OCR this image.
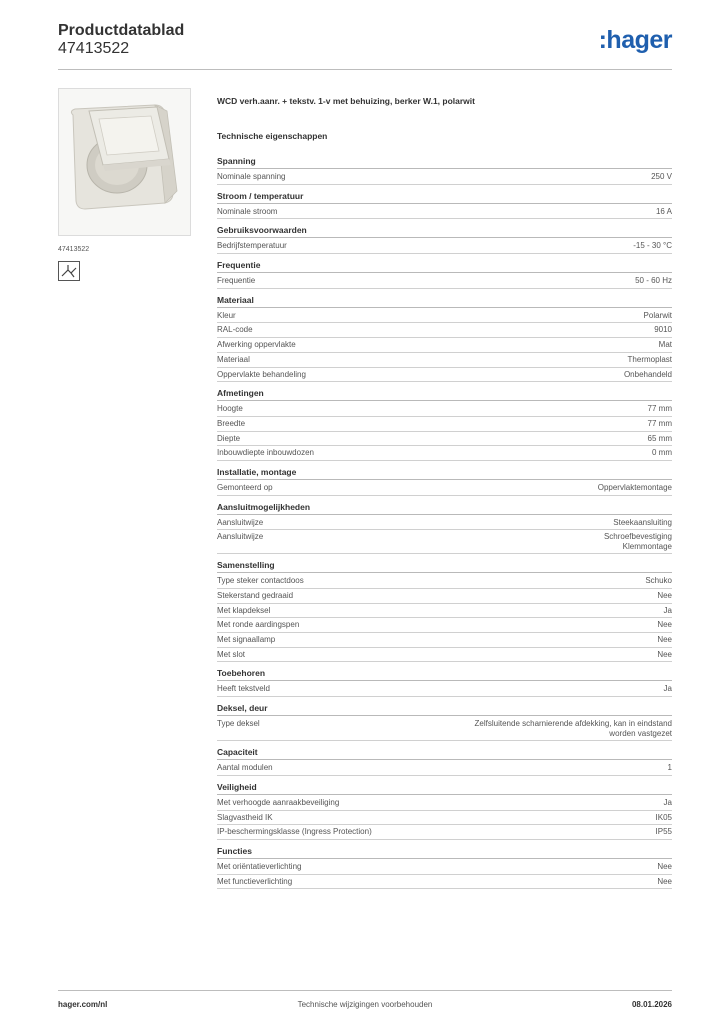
Productdatablad
47413522	:hager
47413522
WCD verh.aanr. + tekstv. 1-v met behuizing, berker W.1, polarwit
Technische eigenschappen
Spanning
Nominale spanning	250 V
Stroom / temperatuur
Nominale stroom	16 A
Gebruiksvoorwaarden
Bedrijfstemperatuur	-15 - 30 °C
Frequentie
Frequentie	50 - 60 Hz
Materiaal
Kleur	Polarwit
RAL-code	9010
Afwerking oppervlakte	Mat
Materiaal	Thermoplast
Oppervlakte behandeling	Onbehandeld
Afmetingen
Hoogte	77 mm
Breedte	77 mm
Diepte	65 mm
Inbouwdiepte inbouwdozen	0 mm
Installatie, montage
Gemonteerd op	Oppervlaktemontage
Aansluitmogelijkheden
Aansluitwijze	Steekaansluiting
Aansluitwijze	Schroefbevestiging
Klemmontage
Samenstelling
Type steker contactdoos	Schuko
Stekerstand gedraaid	Nee
Met klapdeksel	Ja
Met ronde aardingspen	Nee
Met signaallamp	Nee
Met slot	Nee
Toebehoren
Heeft tekstveld	Ja
Deksel, deur
Type deksel	Zelfsluitende scharnierende afdekking, kan in eindstand
worden vastgezet
Capaciteit
Aantal modulen	1
Veiligheid
Met verhoogde aanraakbeveiliging	Ja
Slagvastheid IK	IK05
IP-beschermingsklasse (Ingress Protection)	IP55
Functies
Met oriëntatieverlichting	Nee
Met functieverlichting	Nee
hager.com/nl	Technische wijzigingen voorbehouden	08.01.2026
